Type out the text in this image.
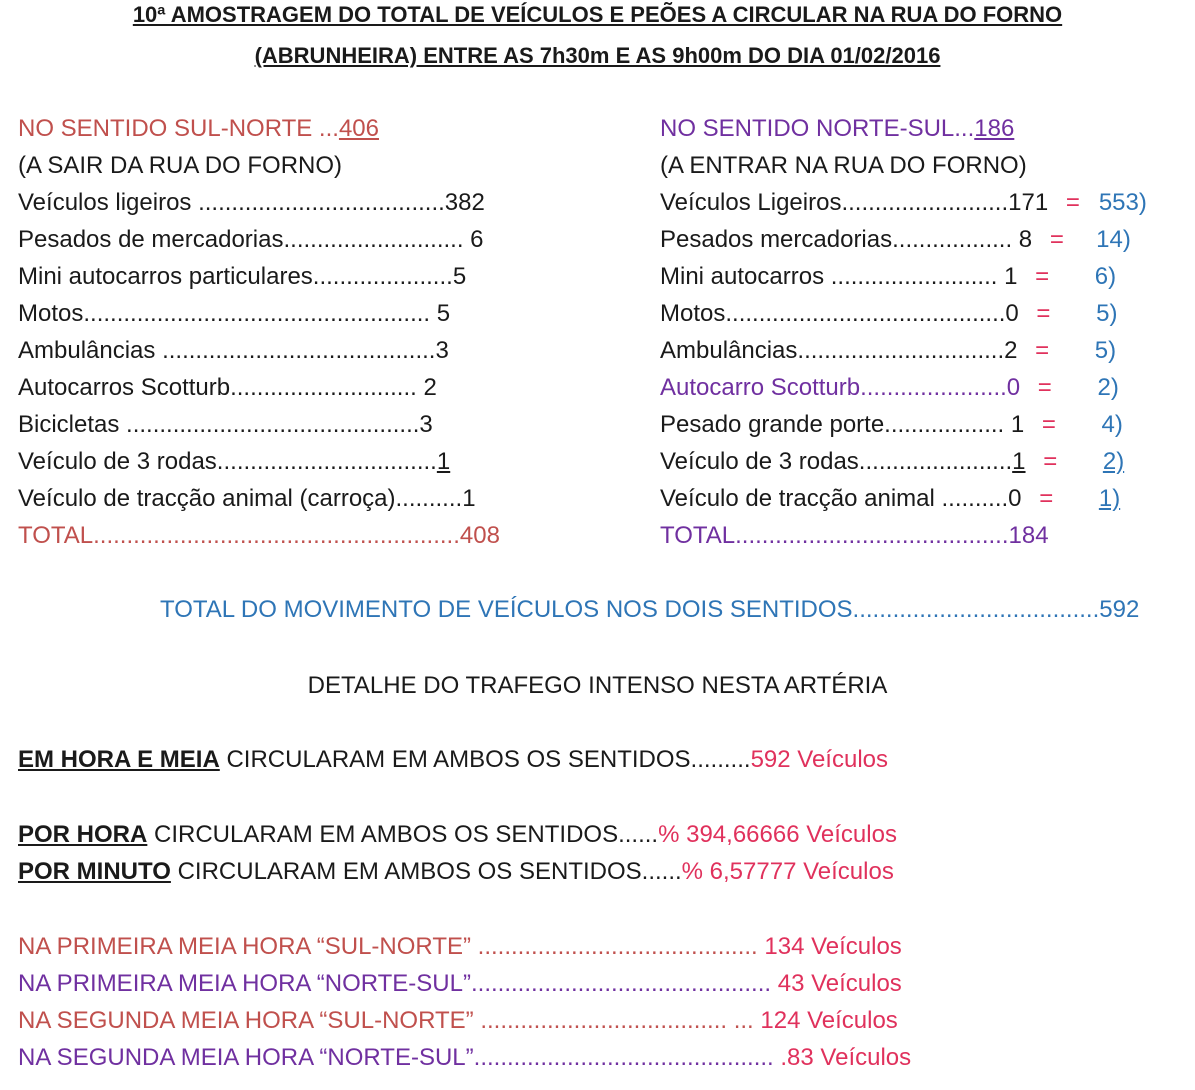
10ª AMOSTRAGEM DO TOTAL DE VEÍCULOS E PEÕES A CIRCULAR NA RUA DO FORNO
(ABRUNHEIRA) ENTRE AS 7h30m E AS 9h00m DO DIA 01/02/2016
NO SENTIDO SUL-NORTE ...406
(A SAIR DA RUA DO FORNO)
Veículos ligeiros .....................................382
Pesados de mercadorias........................... 6
Mini autocarros particulares.....................5
Motos.................................................... 5
Ambulâncias .........................................3
Autocarros Scotturb............................ 2
Bicicletas ............................................3
Veículo de 3 rodas.................................1
Veículo de tracção animal (carroça)..........1
TOTAL.......................................................408
NO SENTIDO NORTE-SUL...186
(A ENTRAR NA RUA DO FORNO)
Veículos Ligeiros.........................171 = 553)
Pesados mercadorias.................. 8 = 14)
Mini autocarros ......................... 1 = 6)
Motos..........................................0 = 5)
Ambulâncias...............................2 = 5)
Autocarro Scotturb......................0 = 2)
Pesado grande porte.................. 1 = 4)
Veículo de 3 rodas.......................1 = 2)
Veículo de tracção animal ..........0 = 1)
TOTAL.........................................184
TOTAL DO MOVIMENTO DE VEÍCULOS NOS DOIS SENTIDOS.....................................592
DETALHE DO TRAFEGO INTENSO NESTA ARTÉRIA
EM HORA E MEIA CIRCULARAM EM AMBOS OS SENTIDOS.........592 Veículos
POR HORA CIRCULARAM EM AMBOS OS SENTIDOS......% 394,66666 Veículos
POR MINUTO CIRCULARAM EM AMBOS OS SENTIDOS......% 6,57777 Veículos
NA PRIMEIRA MEIA HORA “SUL-NORTE” .......................................... 134 Veículos
NA PRIMEIRA MEIA HORA “NORTE-SUL”............................................. 43 Veículos
NA SEGUNDA MEIA HORA “SUL-NORTE” ..................................... ... 124 Veículos
NA SEGUNDA MEIA HORA “NORTE-SUL”............................................. .83 Veículos
